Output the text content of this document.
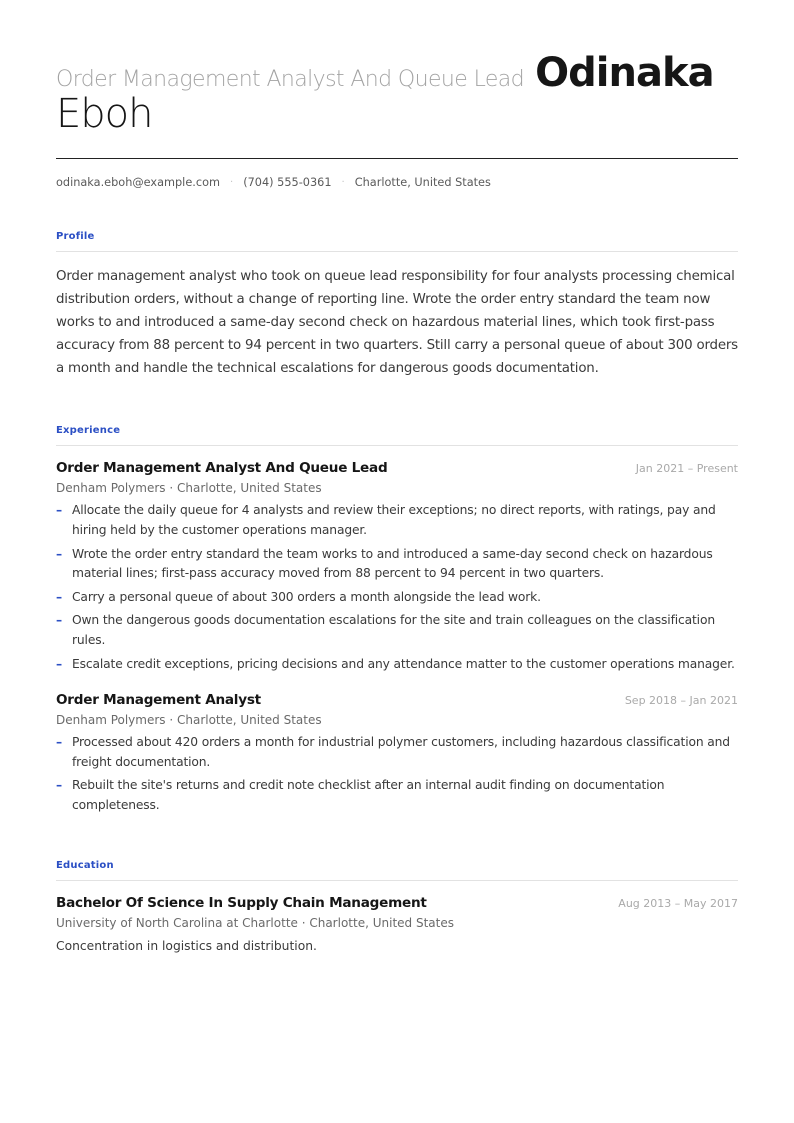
Order Management Analyst And Queue Lead Odinaka
Eboh
odinaka.eboh@example.com · (704) 555-0361 · Charlotte, United States
Profile

Order management analyst who took on queue lead responsibility for four analysts processing chemical distribution orders, without a change of reporting line. Wrote the order entry standard the team now works to and introduced a same-day second check on hazardous material lines, which took first-pass accuracy from 88 percent to 94 percent in two quarters. Still carry a personal queue of about 300 orders a month and handle the technical escalations for dangerous goods documentation.

Experience
Order Management Analyst And Queue Lead	Jan 2021 – Present
Denham Polymers · Charlotte, United States
– Allocate the daily queue for 4 analysts and review their exceptions; no direct reports, with ratings, pay and hiring held by the customer operations manager.
– Wrote the order entry standard the team works to and introduced a same-day second check on hazardous material lines; first-pass accuracy moved from 88 percent to 94 percent in two quarters.
– Carry a personal queue of about 300 orders a month alongside the lead work.
– Own the dangerous goods documentation escalations for the site and train colleagues on the classification rules.
– Escalate credit exceptions, pricing decisions and any attendance matter to the customer operations manager.
Order Management Analyst	Sep 2018 – Jan 2021
Denham Polymers · Charlotte, United States
– Processed about 420 orders a month for industrial polymer customers, including hazardous classification and freight documentation.
– Rebuilt the site's returns and credit note checklist after an internal audit finding on documentation completeness.
Education
Bachelor Of Science In Supply Chain Management	Aug 2013 – May 2017
University of North Carolina at Charlotte · Charlotte, United States
Concentration in logistics and distribution.
